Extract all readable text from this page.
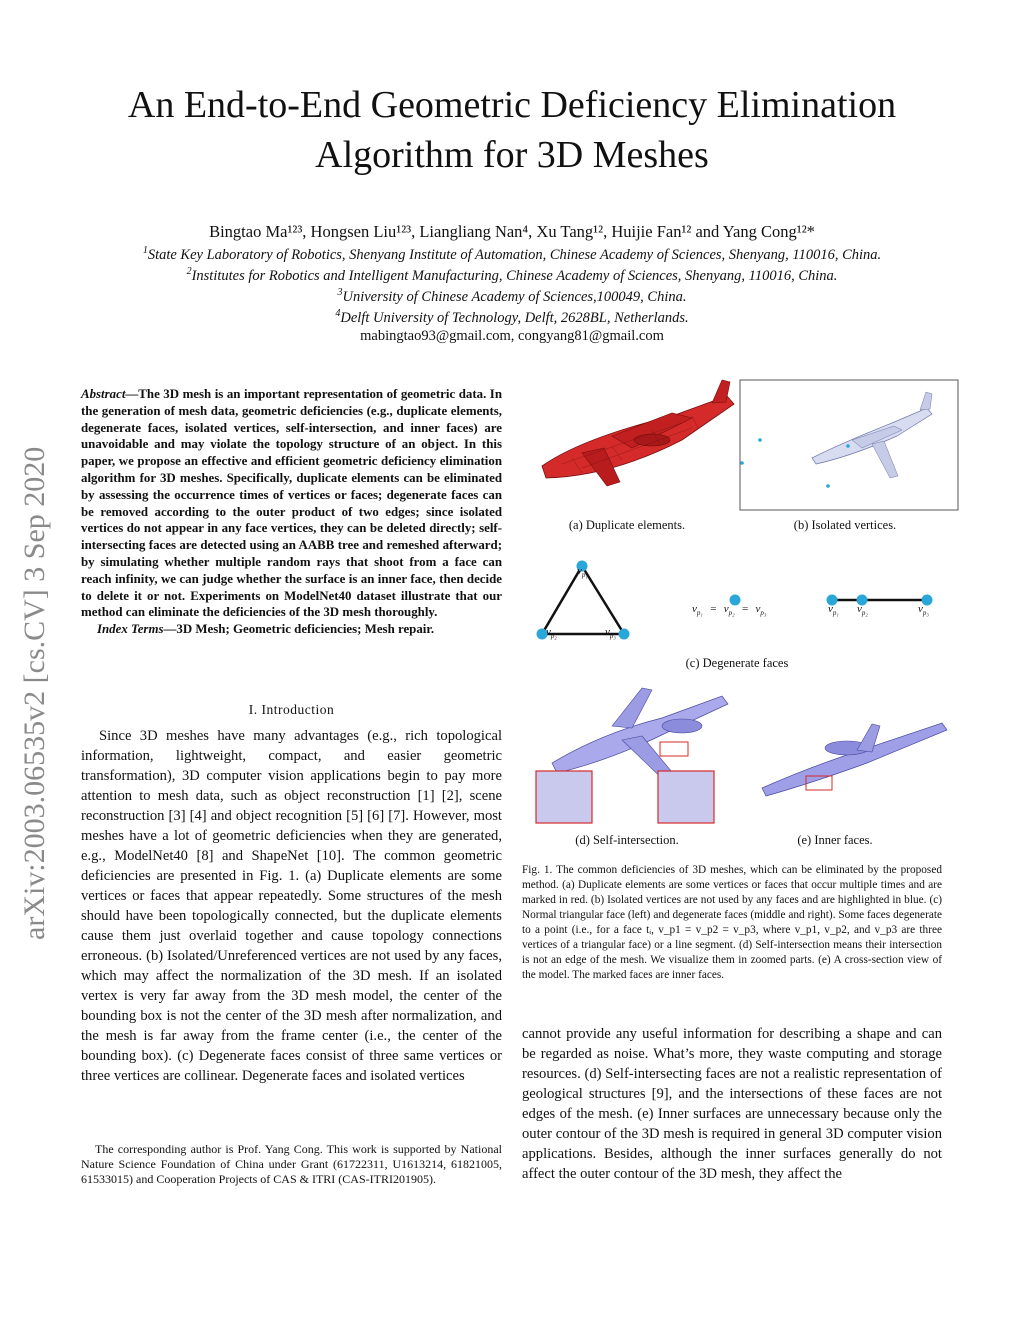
An End-to-End Geometric Deficiency Elimination
Algorithm for 3D Meshes
Bingtao Ma¹²³, Hongsen Liu¹²³, Liangliang Nan⁴, Xu Tang¹², Huijie Fan¹² and Yang Cong¹²*
$^1$State Key Laboratory of Robotics, Shenyang Institute of Automation, Chinese Academy of Sciences, Shenyang, 110016, China.
$^2$Institutes for Robotics and Intelligent Manufacturing, Chinese Academy of Sciences, Shenyang, 110016, China.
$^3$University of Chinese Academy of Sciences,100049, China.
$^4$Delft University of Technology, Delft, 2628BL, Netherlands.
mabingtao93@gmail.com, congyang81@gmail.com
arXiv:2003.06535v2 [cs.CV] 3 Sep 2020
Abstract—The 3D mesh is an important representation of geometric data. In the generation of mesh data, geometric deficiencies (e.g., duplicate elements, degenerate faces, isolated vertices, self-intersection, and inner faces) are unavoidable and may violate the topology structure of an object. In this paper, we propose an effective and efficient geometric deficiency elimination algorithm for 3D meshes. Specifically, duplicate elements can be eliminated by assessing the occurrence times of vertices or faces; degenerate faces can be removed according to the outer product of two edges; since isolated vertices do not appear in any face vertices, they can be deleted directly; self-intersecting faces are detected using an AABB tree and remeshed afterward; by simulating whether multiple random rays that shoot from a face can reach infinity, we can judge whether the surface is an inner face, then decide to delete it or not. Experiments on ModelNet40 dataset illustrate that our method can eliminate the deficiencies of the 3D mesh thoroughly.
Index Terms—3D Mesh; Geometric deficiencies; Mesh repair.
I. Introduction
Since 3D meshes have many advantages (e.g., rich topological information, lightweight, compact, and easier geometric transformation), 3D computer vision applications begin to pay more attention to mesh data, such as object reconstruction [1] [2], scene reconstruction [3] [4] and object recognition [5] [6] [7]. However, most meshes have a lot of geometric deficiencies when they are generated, e.g., ModelNet40 [8] and ShapeNet [10]. The common geometric deficiencies are presented in Fig. 1. (a) Duplicate elements are some vertices or faces that appear repeatedly. Some structures of the mesh should have been topologically connected, but the duplicate elements cause them just overlaid together and cause topology connections erroneous. (b) Isolated/Unreferenced vertices are not used by any faces, which may affect the normalization of the 3D mesh. If an isolated vertex is very far away from the 3D mesh model, the center of the bounding box is not the center of the 3D mesh after normalization, and the mesh is far away from the frame center (i.e., the center of the bounding box). (c) Degenerate faces consist of three same vertices or three vertices are collinear. Degenerate faces and isolated vertices
The corresponding author is Prof. Yang Cong. This work is supported by National Nature Science Foundation of China under Grant (61722311, U1613214, 61821005, 61533015) and Cooperation Projects of CAS & ITRI (CAS-ITRI201905).
$v_{p_1}$
$v_{p_2}$	$v_{p_3}$
$v_{p_1} = v_{p_2} = v_{p_3}$	$v_{p_1}$ $v_{p_2}$	$v_{p_3}$
(a) Duplicate elements.	(b) Isolated vertices.
(c) Degenerate faces
(d) Self-intersection.	(e) Inner faces.
Fig. 1. The common deficiencies of 3D meshes, which can be eliminated by the proposed method. (a) Duplicate elements are some vertices or faces that occur multiple times and are marked in red. (b) Isolated vertices are not used by any faces and are highlighted in blue. (c) Normal triangular face (left) and degenerate faces (middle and right). Some faces degenerate to a point (i.e., for a face tᵢ, v_p1 = v_p2 = v_p3, where v_p1, v_p2, and v_p3 are three vertices of a triangular face) or a line segment. (d) Self-intersection means their intersection is not an edge of the mesh. We visualize them in zoomed parts. (e) A cross-section view of the model. The marked faces are inner faces.
cannot provide any useful information for describing a shape and can be regarded as noise. What’s more, they waste computing and storage resources. (d) Self-intersecting faces are not a realistic representation of geological structures [9], and the intersections of these faces are not edges of the mesh. (e) Inner surfaces are unnecessary because only the outer contour of the 3D mesh is required in general 3D computer vision applications. Besides, although the inner surfaces generally do not affect the outer contour of the 3D mesh, they affect the
